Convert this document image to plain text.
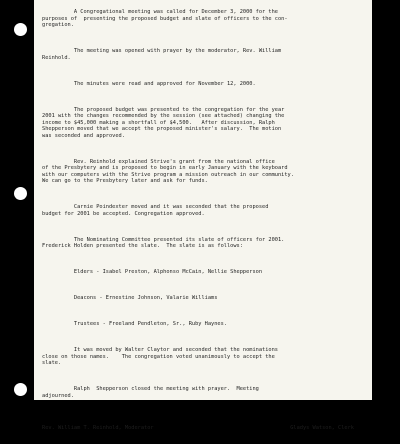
A Congregational meeting was called for December 3, 2000 for the
purposes of  presenting the proposed budget and slate of officers to the con-
gregation.

The meeting was opened with prayer by the moderator, Rev. William
Reinhold.

The minutes were read and approved for November 12, 2000.

The proposed budget was presented to the congregation for the year
2001 with the changes recommended by the session (see attached) changing the
income to $45,000 making a shortfall of $4,500.   After discussion, Ralph
Shepperson moved that we accept the proposed minister's salary.  The motion
was seconded and approved.

Rev. Reinhold explained Strive's grant from the national office
of the Presbytery and is proposed to begin in early January with the keyboard
with our computers with the Strive program a mission outreach in our community.
We can go to the Presbytery later and ask for funds.

Carnie Poindexter moved and it was seconded that the proposed
budget for 2001 be accepted. Congregation approved.

The Nominating Committee presented its slate of officers for 2001.
Frederick Holden presented the slate.  The slate is as follows:

Elders - Isabel Preston, Alphonso McCain, Nellie Shepperson

Deacons - Ernestine Johnson, Valarie Williams

Trustees - Freeland Pendleton, Sr., Ruby Haynes.

It was moved by Walter Claytor and seconded that the nominations
close on those names.    The congregation voted unanimously to accept the
slate.

Ralph  Shepperson closed the meeting with prayer.  Meeting
adjourned.

Rev. William T. Reinhold, Moderator	Gladys Watson, Clerk
